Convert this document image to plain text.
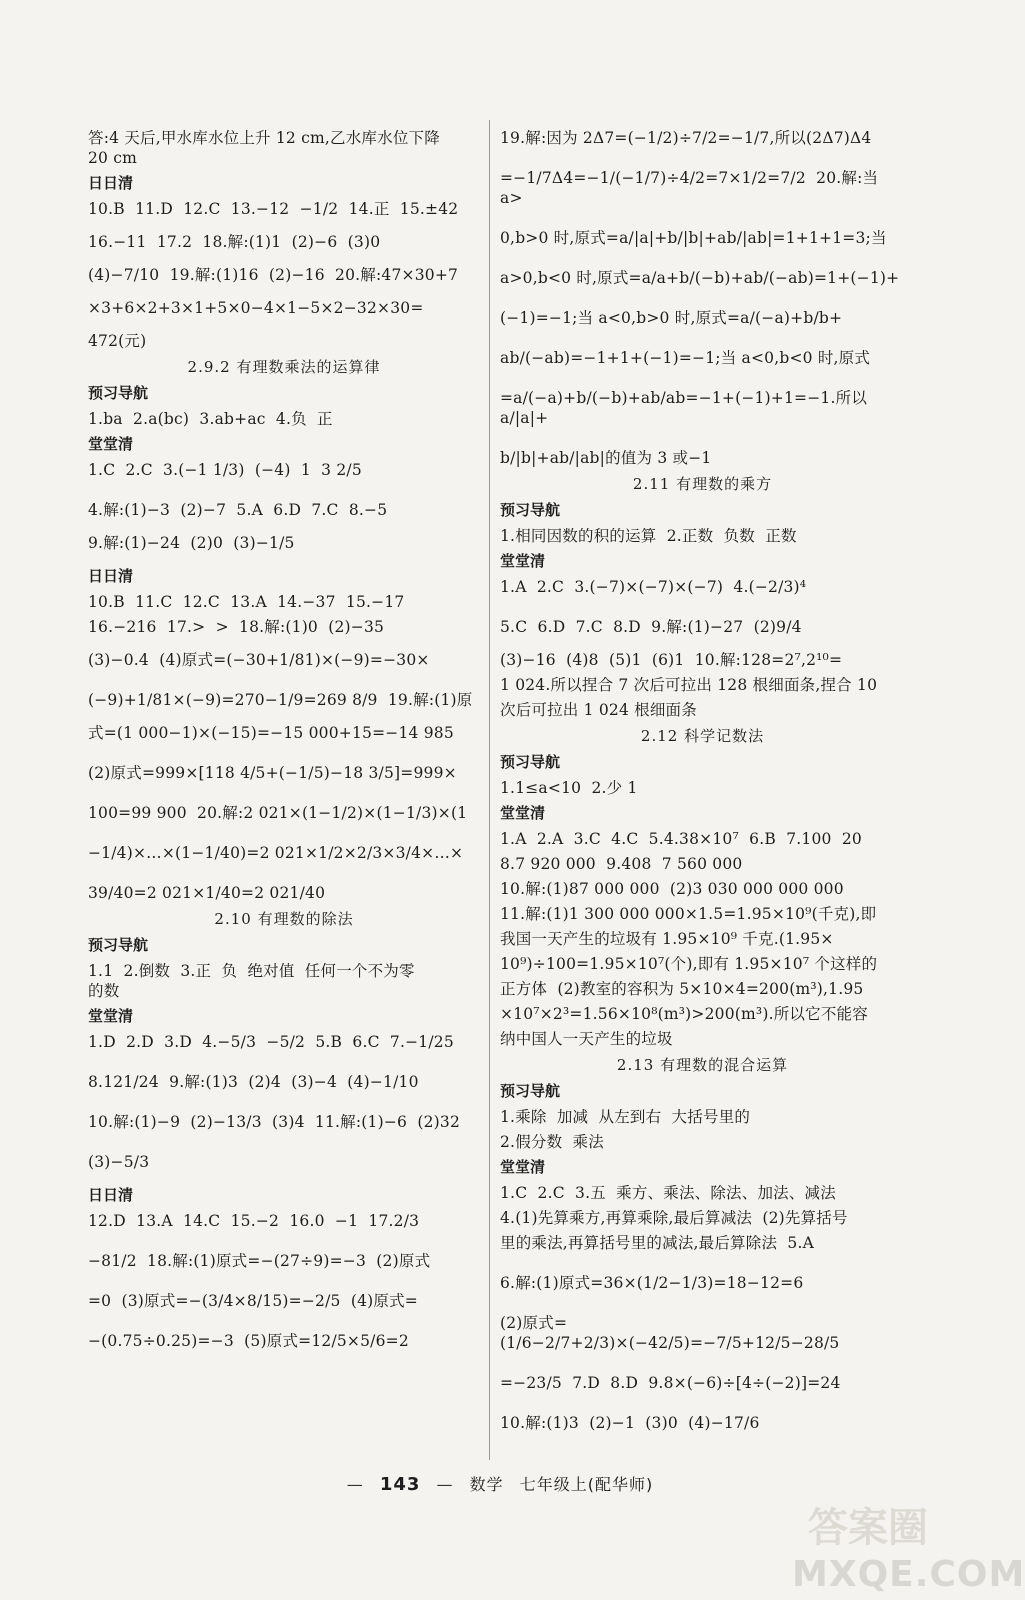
答:4 天后,甲水库水位上升 12 cm,乙水库水位下降

20 cm

日日清

10.B  11.D  12.C  13.−12  −1/2  14.正  15.±42

16.−11  17.2  18.解:(1)1  (2)−6  (3)0

(4)−7/10  19.解:(1)16  (2)−16  20.解:47×30+7

×3+6×2+3×1+5×0−4×1−5×2−32×30=

472(元)

2.9.2 有理数乘法的运算律

预习导航

1.ba  2.a(bc)  3.ab+ac  4.负  正

堂堂清

1.C  2.C  3.(−1 1/3)  (−4)  1  3 2/5

4.解:(1)−3  (2)−7  5.A  6.D  7.C  8.−5

9.解:(1)−24  (2)0  (3)−1/5

日日清

10.B  11.C  12.C  13.A  14.−37  15.−17

16.−216  17.>  >  18.解:(1)0  (2)−35

(3)−0.4  (4)原式=(−30+1/81)×(−9)=−30×

(−9)+1/81×(−9)=270−1/9=269 8/9  19.解:(1)原

式=(1 000−1)×(−15)=−15 000+15=−14 985

(2)原式=999×[118 4/5+(−1/5)−18 3/5]=999×

100=99 900  20.解:2 021×(1−1/2)×(1−1/3)×(1

−1/4)×…×(1−1/40)=2 021×1/2×2/3×3/4×…×

39/40=2 021×1/40=2 021/40

2.10 有理数的除法

预习导航

1.1  2.倒数  3.正  负  绝对值  任何一个不为零

的数

堂堂清

1.D  2.D  3.D  4.−5/3  −5/2  5.B  6.C  7.−1/25

8.121/24  9.解:(1)3  (2)4  (3)−4  (4)−1/10

10.解:(1)−9  (2)−13/3  (3)4  11.解:(1)−6  (2)32

(3)−5/3

日日清

12.D  13.A  14.C  15.−2  16.0  −1  17.2/3

−81/2  18.解:(1)原式=−(27÷9)=−3  (2)原式

=0  (3)原式=−(3/4×8/15)=−2/5  (4)原式=

−(0.75÷0.25)=−3  (5)原式=12/5×5/6=2

19.解:因为 2Δ7=(−1/2)÷7/2=−1/7,所以(2Δ7)Δ4

=−1/7Δ4=−1/(−1/7)÷4/2=7×1/2=7/2  20.解:当 a>

0,b>0 时,原式=a/|a|+b/|b|+ab/|ab|=1+1+1=3;当

a>0,b<0 时,原式=a/a+b/(−b)+ab/(−ab)=1+(−1)+

(−1)=−1;当 a<0,b>0 时,原式=a/(−a)+b/b+

ab/(−ab)=−1+1+(−1)=−1;当 a<0,b<0 时,原式

=a/(−a)+b/(−b)+ab/ab=−1+(−1)+1=−1.所以 a/|a|+

b/|b|+ab/|ab|的值为 3 或−1

2.11 有理数的乘方

预习导航

1.相同因数的积的运算  2.正数  负数  正数

堂堂清

1.A  2.C  3.(−7)×(−7)×(−7)  4.(−2/3)⁴

5.C  6.D  7.C  8.D  9.解:(1)−27  (2)9/4

(3)−16  (4)8  (5)1  (6)1  10.解:128=2⁷,2¹⁰=

1 024.所以捏合 7 次后可拉出 128 根细面条,捏合 10

次后可拉出 1 024 根细面条

2.12 科学记数法

预习导航

1.1≤a<10  2.少 1

堂堂清

1.A  2.A  3.C  4.C  5.4.38×10⁷  6.B  7.100  20

8.7 920 000  9.408  7 560 000

10.解:(1)87 000 000  (2)3 030 000 000 000

11.解:(1)1 300 000 000×1.5=1.95×10⁹(千克),即

我国一天产生的垃圾有 1.95×10⁹ 千克.(1.95×

10⁹)÷100=1.95×10⁷(个),即有 1.95×10⁷ 个这样的

正方体  (2)教室的容积为 5×10×4=200(m³),1.95

×10⁷×2³=1.56×10⁸(m³)>200(m³).所以它不能容

纳中国人一天产生的垃圾

2.13 有理数的混合运算

预习导航

1.乘除  加减  从左到右  大括号里的

2.假分数  乘法

堂堂清

1.C  2.C  3.五  乘方、乘法、除法、加法、减法

4.(1)先算乘方,再算乘除,最后算减法  (2)先算括号

里的乘法,再算括号里的减法,最后算除法  5.A

6.解:(1)原式=36×(1/2−1/3)=18−12=6

(2)原式=(1/6−2/7+2/3)×(−42/5)=−7/5+12/5−28/5

=−23/5  7.D  8.D  9.8×(−6)÷[4÷(−2)]=24

10.解:(1)3  (2)−1  (3)0  (4)−17/6

— 143 — 数学 七年级上(配华师)
答案圈
MXQE.COM
